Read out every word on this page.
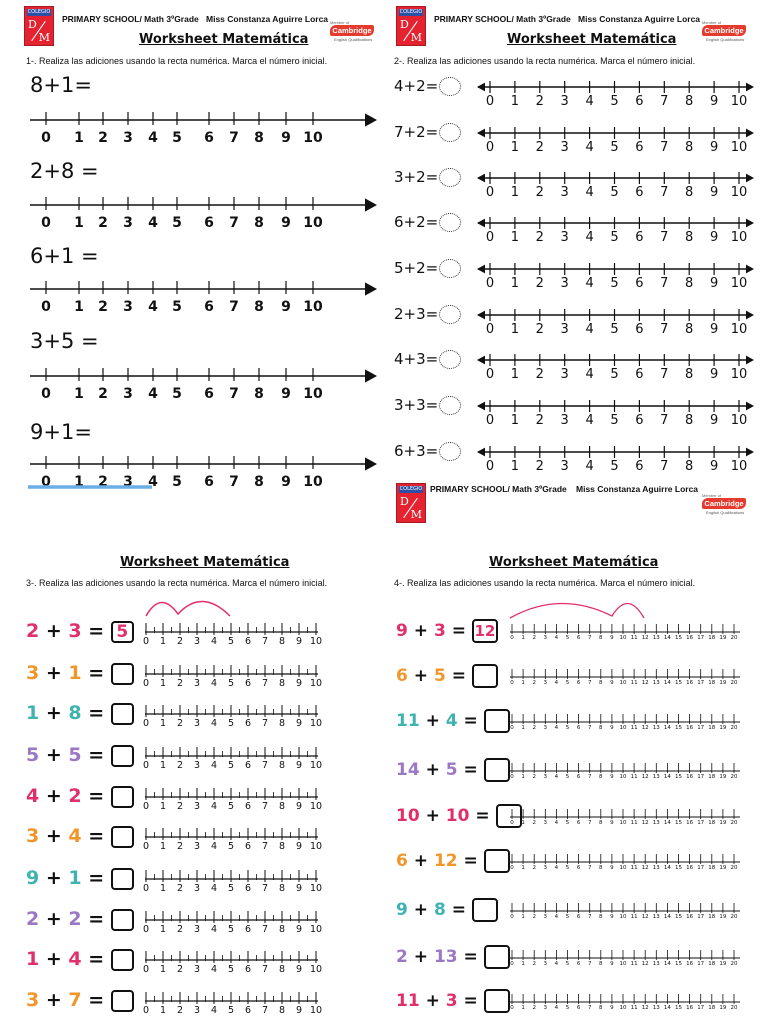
COLEGIO
D
M
PRIMARY SCHOOL/ Math 3ºGrade Miss Constanza Aguirre Lorca Member of
Cambridge
English Qualifications
COLEGIO
D
M
PRIMARY SCHOOL/ Math 3ºGrade Miss Constanza Aguirre Lorca Member of
Cambridge
English Qualifications
COLEGIO
D
M
PRIMARY SCHOOL/ Math 3ºGrade Miss Constanza Aguirre Lorca
Member of
Cambridge
English Qualifications
Worksheet Matemática	Worksheet Matemática
1-. Realiza las adiciones usando la recta numérica. Marca el número inicial.	2-. Realiza las adiciones usando la recta numérica. Marca el número inicial.
Worksheet Matemática	Worksheet Matemática
3-. Realiza las adiciones usando la recta numérica. Marca el número inicial.	4-. Realiza las adiciones usando la recta numérica. Marca el número inicial.
8+1=
0	1	2	3	4	5	6	7	8	9 10
2+8 =
0	1	2	3	4	5	6	7	8	9 10
6+1 =
0	1	2	3	4	5	6	7	8	9 10
3+5 =
0	1	2	3	4	5	6	7	8	9 10
9+1=
0	1	2	3	4	5	6	7	8	9 10
4+2=
0	1	2	3	4	5	6	7	8	9 10
7+2=
0	1	2	3	4	5	6	7	8	9 10
3+2=
0	1	2	3	4	5	6	7	8	9 10
6+2=
0	1	2	3	4	5	6	7	8	9 10
5+2=
0	1	2	3	4	5	6	7	8	9 10
2+3=
0	1	2	3	4	5	6	7	8	9 10
4+3=
0	1	2	3	4	5	6	7	8	9 10
3+3=
0	1	2	3	4	5	6	7	8	9 10
6+3=
0	1	2	3	4	5	6	7	8	9 10
2 + 3 = 5	0	1	2	3	4	5	6	7	8	9 10
3 + 1 =	0	1	2	3	4	5	6	7	8	9 10
1 + 8 =	0	1	2	3	4	5	6	7	8	9 10
5 + 5 =	0	1	2	3	4	5	6	7	8	9 10
4 + 2 =	0	1	2	3	4	5	6	7	8	9 10
3 + 4 =	0	1	2	3	4	5	6	7	8	9 10
9 + 1 =	0	1	2	3	4	5	6	7	8	9 10
2 + 2 =	0	1	2	3	4	5	6	7	8	9 10
1 + 4 =	0	1	2	3	4	5	6	7	8	9 10
3 + 7 =	0	1	2	3	4	5	6	7	8	9 10
9 + 3 = 12	0	1	2	3	4	5	6	7	8	9	10 11 12 13 14 15 16 17 18 19 20
6 + 5 =	0	1	2	3	4	5	6	7	8	9	10 11 12 13 14 15 16 17 18 19 20
11 + 4 =	0	1	2	3	4	5	6	7	8	9	10 11 12 13 14 15 16 17 18 19 20
14 + 5 =	0	1	2	3	4	5	6	7	8	9	10 11 12 13 14 15 16 17 18 19 20
10 + 10 =	0	1	2	3	4	5	6	7	8	9	10 11 12 13 14 15 16 17 18 19 20
6 + 12 =	0	1	2	3	4	5	6	7	8	9	10 11 12 13 14 15 16 17 18 19 20
9 + 8 =	0	1	2	3	4	5	6	7	8	9	10 11 12 13 14 15 16 17 18 19 20
2 + 13 =	0	1	2	3	4	5	6	7	8	9	10 11 12 13 14 15 16 17 18 19 20
11 + 3 =	0	1	2	3	4	5	6	7	8	9	10 11 12 13 14 15 16 17 18 19 20
